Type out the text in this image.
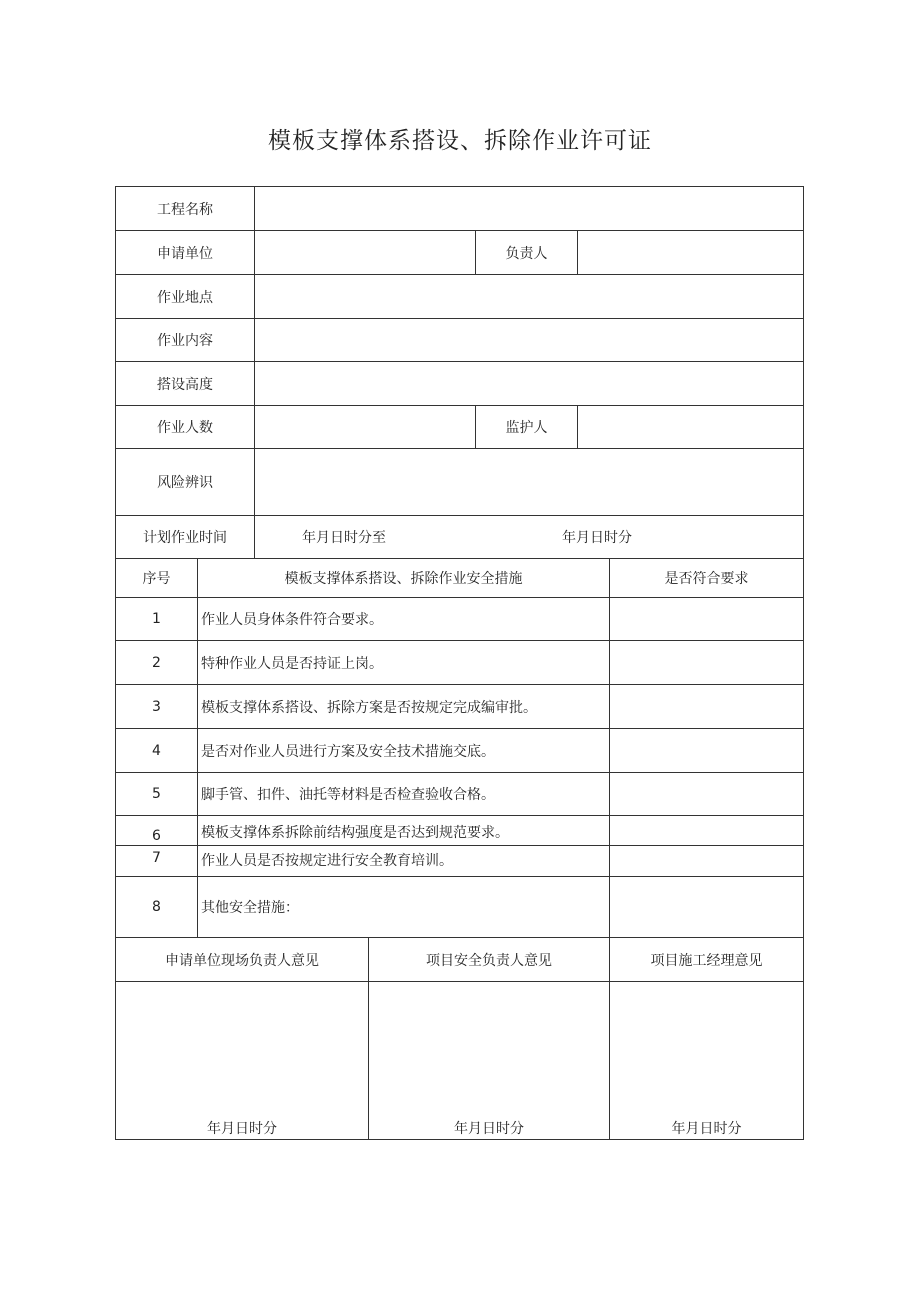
模板支撑体系搭设、拆除作业许可证
工程名称
申请单位	负责人
作业地点
作业内容
搭设高度
作业人数	监护人
风险辨识
计划作业时间	年月日时分至	年月日时分
序号	模板支撑体系搭设、拆除作业安全措施	是否符合要求
1	作业人员身体条件符合要求。
2	特种作业人员是否持证上岗。
3	模板支撑体系搭设、拆除方案是否按规定完成编审批。
4	是否对作业人员进行方案及安全技术措施交底。
5	脚手管、扣件、油托等材料是否检查验收合格。
6	模板支撑体系拆除前结构强度是否达到规范要求。
7	作业人员是否按规定进行安全教育培训。
8	其他安全措施：
申请单位现场负责人意见	项目安全负责人意见	项目施工经理意见
年月日时分	年月日时分	年月日时分
